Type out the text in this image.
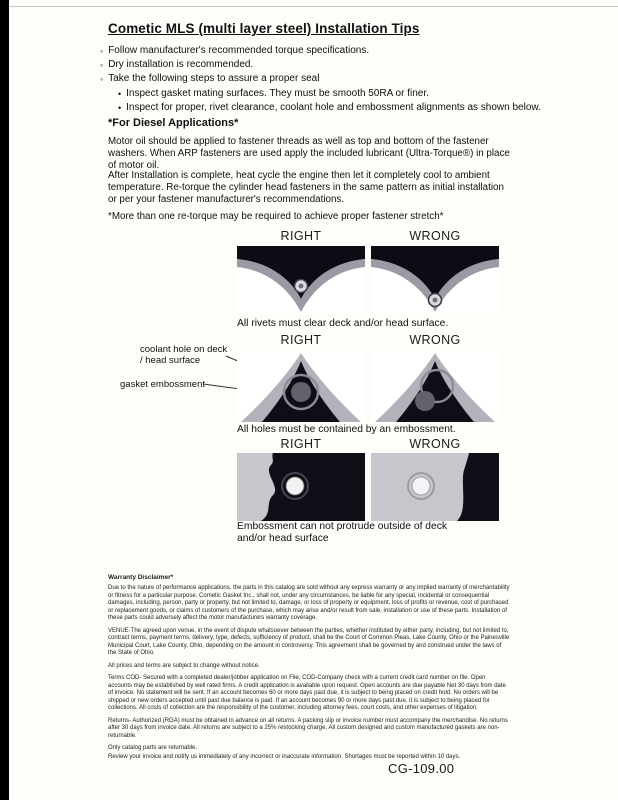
Cometic MLS (multi layer steel) Installation Tips
◦ Follow manufacturer's recommended torque specifications.
◦ Dry installation is recommended.
◦ Take the following steps to assure a proper seal
• Inspect gasket mating surfaces. They must be smooth 50RA or finer.
• Inspect for proper, rivet clearance, coolant hole and embossment alignments as shown below.
*For Diesel Applications*

Motor oil should be applied to fastener threads as well as top and bottom of the fastener washers. When ARP fasteners are used apply the included lubricant (Ultra-Torque®) in place of motor oil.

After Installation is complete, heat cycle the engine then let it completely cool to ambient temperature. Re-torque the cylinder head fasteners in the same pattern as initial installation or per your fastener manufacturer's recommendations.

*More than one re-torque may be required to achieve proper fastener stretch*

RIGHT	WRONG
All rivets must clear deck and/or head surface.
RIGHT	WRONG
coolant hole on deck / head surface
gasket embossment
All holes must be contained by an embossment.
RIGHT	WRONG
Embossment can not protrude outside of deck and/or head surface
Warranty Disclaimer*

Due to the nature of performance applications, the parts in this catalog are sold without any express warranty or any implied warranty of merchantability or fitness for a particular purpose. Cometic Gasket Inc., shall not, under any circumstances, be liable for any special, incidental or consequential damages, including, person, party or property, but not limited to, damage, or loss of property or equipment, loss of profits or revenue, cost of purchased or replacement goods, or claims of customers of the purchase, which may arise and/or result from sale, installation or use of these parts. Installation of these parts could adversely affect the motor manufacturers warranty coverage.

VENUE-The agreed upon venue, in the event of dispute whatsoever between the parties, whether instituted by either party, including, but not limited to, contract terms, payment terms, delivery, type, defects, sufficiency of product, shall be the Court of Common Pleas, Lake County, Ohio or the Painesville Municipal Court, Lake County, Ohio, depending on the amount in controversy. This agreement shall be governed by and construed under the laws of the State of Ohio.

All prices and terms are subject to change without notice.

Terms COD- Secured with a completed dealer/jobber application on File, COD-Company check with a current credit card number on file. Open accounts may be established by well rated firms. A credit application is available upon request. Open accounts are due payable Net 30 days from date of invoice. No statement will be sent. If an account becomes 60 or more days past due, it is subject to being placed on credit hold. No orders will be shipped or new orders accepted until past due balance is paid. If an account becomes 90 or more days past due, it is subject to being placed for collections. All costs of collection are the responsibility of the customer, including attorney fees, court costs, and other expenses of litigation.

Returns- Authorized (RGA) must be obtained in advance on all returns. A packing slip or invoice number must accompany the merchandise. No returns after 30 days from invoice date. All returns are subject to a 25% restocking charge. All custom designed and custom manufactured gaskets are non-returnable.

Only catalog parts are returnable.

Review your invoice and notify us immediately of any incorrect or inaccurate information. Shortages must be reported within 10 days.

CG-109.00
